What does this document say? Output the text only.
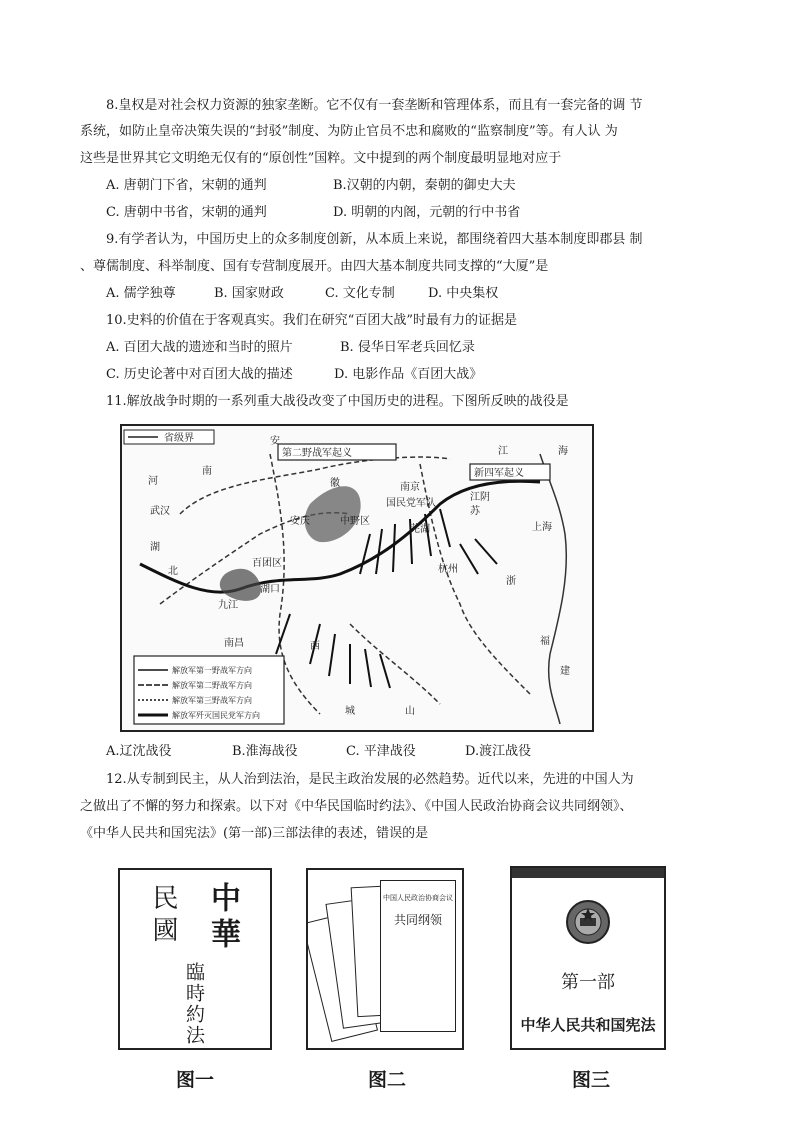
8.皇权是对社会权力资源的独家垄断。它不仅有一套垄断和管理体系，而且有一套完备的调 节
系统，如防止皇帝决策失误的“封驳”制度、为防止官员不忠和腐败的“监察制度”等。有人认 为
这些是世界其它文明绝无仅有的“原创性”国粹。文中提到的两个制度最明显地对应于
A. 唐朝门下省，宋朝的通判	B.汉朝的内朝，秦朝的御史大夫
C. 唐朝中书省，宋朝的通判	D. 明朝的内阁，元朝的行中书省
9.有学者认为，中国历史上的众多制度创新，从本质上来说，都围绕着四大基本制度即郡县 制
、尊儒制度、科举制度、国有专营制度展开。由四大基本制度共同支撑的“大厦”是
A. 儒学独尊	B. 国家财政	C. 文化专制	D. 中央集权
10.史料的价值在于客观真实。我们在研究“百团大战”时最有力的证据是
A. 百团大战的遗迹和当时的照片	B. 侵华日军老兵回忆录
C. 历史论著中对百团大战的描述	D. 电影作品《百团大战》
11.解放战争时期的一系列重大战役改变了中国历史的进程。下图所反映的战役是
第二野战军起义
新四军起义
省级界	安
徽
河
南
江
苏
浙
湖
北
西	福
建
海
上海
杭州
江阴
芜湖
南京
九江
湖口
武汉
安庆
南昌
百团区
中野区
国民党军队
城	山
解放军第一野战军方向
解放军第二野战军方向
解放军第三野战军方向
解放军歼灭国民党军方向
A.辽沈战役	B.淮海战役	C. 平津战役	D.渡江战役
12.从专制到民主，从人治到法治，是民主政治发展的必然趋势。近代以来，先进的中国人为
之做出了不懈的努力和探索。以下对《中华民国临时约法》、《中国人民政治协商会议共同纲领》、
《中华人民共和国宪法》(第一部)三部法律的表述，错误的是
中華
民國
臨時約法
图一
中国人民政治协商会议
共同纲领
图二
第一部
中华人民共和国宪法
图三
